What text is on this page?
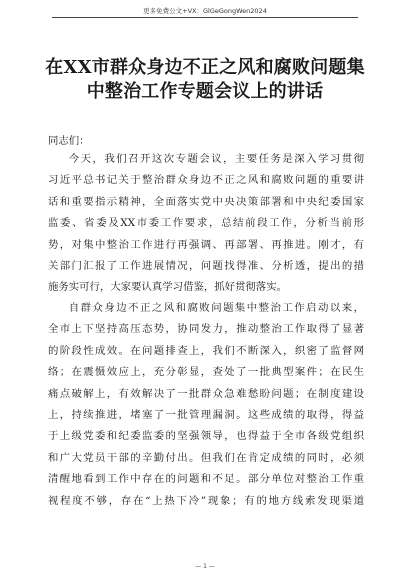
更多免费公文+VX：GlGeGongWen2024
在XX市群众身边不正之风和腐败问题集
中整治工作专题会议上的讲话
同志们：
今天，我们召开这次专题会议，主要任务是深入学习贯彻
习近平总书记关于整治群众身边不正之风和腐败问题的重要讲
话和重要指示精神，全面落实党中央决策部署和中央纪委国家
监委、省委及XX市委工作要求，总结前段工作，分析当前形
势，对集中整治工作进行再强调、再部署、再推进。刚才，有
关部门汇报了工作进展情况，问题找得准、分析透，提出的措
施务实可行，大家要认真学习借鉴，抓好贯彻落实。
自群众身边不正之风和腐败问题集中整治工作启动以来，
全市上下坚持高压态势，协同发力，推动整治工作取得了显著
的阶段性成效。在问题排查上，我们不断深入，织密了监督网
络；在震慑效应上，充分彰显，查处了一批典型案件；在民生
痛点破解上，有效解决了一批群众急难愁盼问题；在制度建设
上，持续推进，堵塞了一批管理漏洞。这些成绩的取得，得益
于上级党委和纪委监委的坚强领导，也得益于全市各级党组织
和广大党员干部的辛勤付出。但我们在肯定成绩的同时，必须
清醒地看到工作中存在的问题和不足。部分单位对整治工作重
视程度不够，存在“上热下冷”现象；有的地方线索发现渠道
— 1 —
